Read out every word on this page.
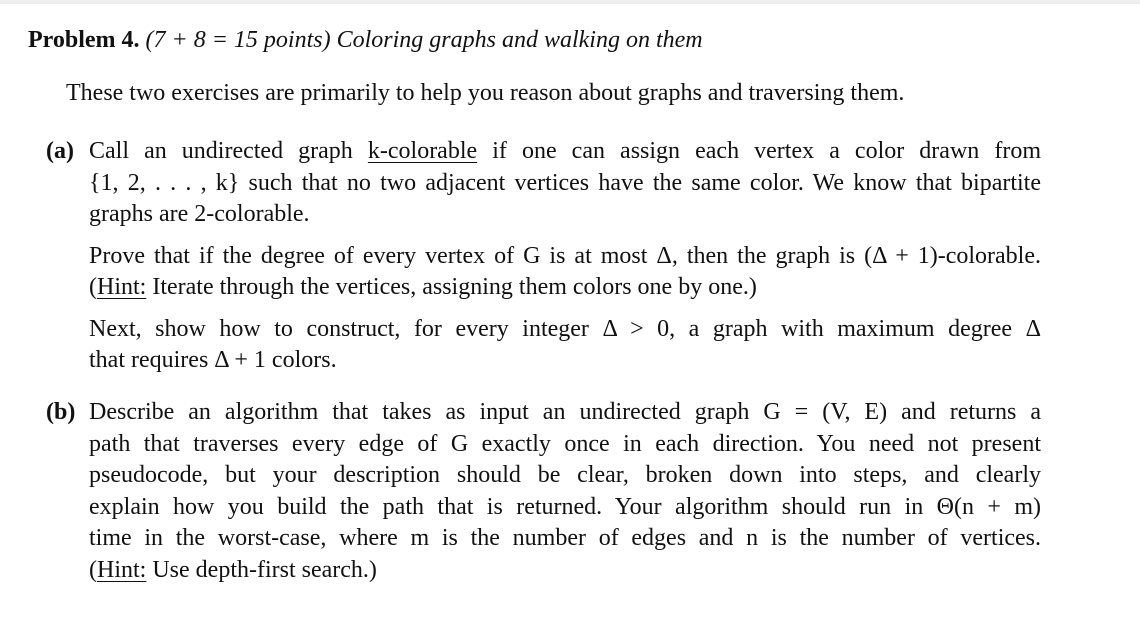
Problem 4. (7 + 8 = 15 points) Coloring graphs and walking on them
These two exercises are primarily to help you reason about graphs and traversing them.
(a) Call an undirected graph k-colorable if one can assign each vertex a color drawn from
{1, 2, . . . , k} such that no two adjacent vertices have the same color. We know that bipartite
graphs are 2-colorable.
Prove that if the degree of every vertex of G is at most Δ, then the graph is (Δ + 1)-colorable.
(Hint: Iterate through the vertices, assigning them colors one by one.)
Next, show how to construct, for every integer Δ > 0, a graph with maximum degree Δ
that requires Δ + 1 colors.
(b) Describe an algorithm that takes as input an undirected graph G = (V, E) and returns a
path that traverses every edge of G exactly once in each direction. You need not present
pseudocode, but your description should be clear, broken down into steps, and clearly
explain how you build the path that is returned. Your algorithm should run in Θ(n + m)
time in the worst-case, where m is the number of edges and n is the number of vertices.
(Hint: Use depth-first search.)
